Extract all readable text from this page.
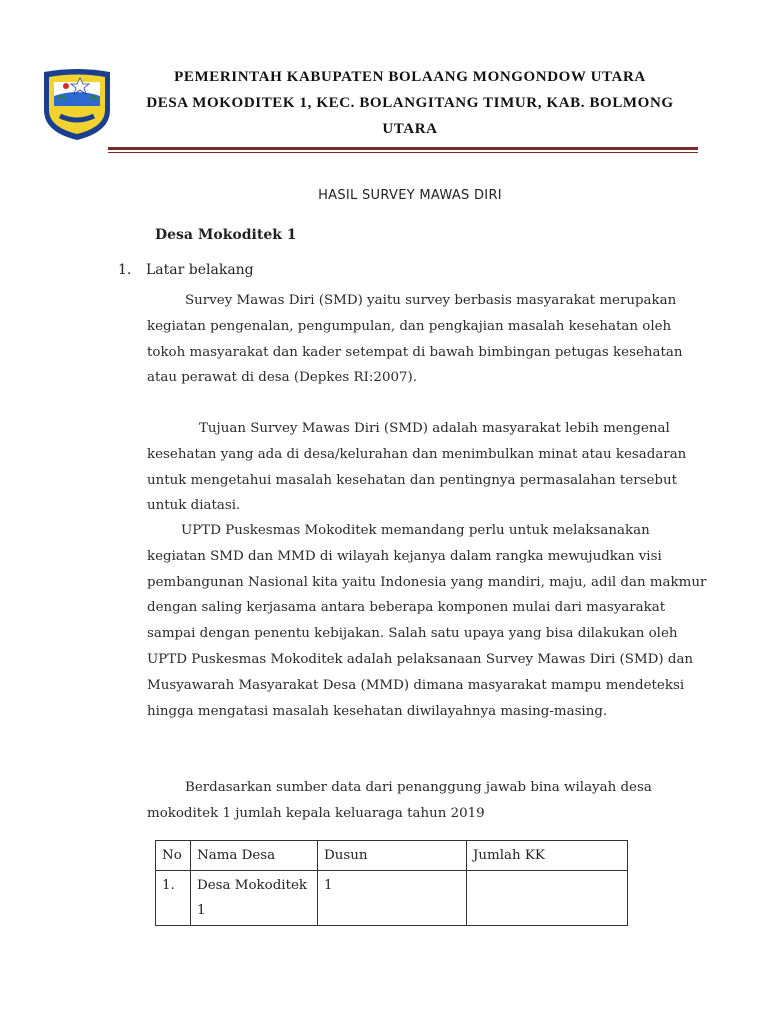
PEMERINTAH KABUPATEN BOLAANG MONGONDOW UTARA
DESA MOKODITEK 1, KEC. BOLANGITANG TIMUR, KAB. BOLMONG
UTARA
HASIL SURVEY MAWAS DIRI
Desa Mokoditek 1
1. Latar belakang

Survey Mawas Diri (SMD) yaitu survey berbasis masyarakat merupakan kegiatan pengenalan, pengumpulan, dan pengkajian masalah kesehatan oleh tokoh masyarakat dan kader setempat di bawah bimbingan petugas kesehatan atau perawat di desa (Depkes RI:2007).

Tujuan Survey Mawas Diri (SMD) adalah masyarakat lebih mengenal kesehatan yang ada di desa/kelurahan dan menimbulkan minat atau kesadaran untuk mengetahui masalah kesehatan dan pentingnya permasalahan tersebut untuk diatasi.

UPTD Puskesmas Mokoditek memandang perlu untuk melaksanakan kegiatan SMD dan MMD di wilayah kejanya dalam rangka mewujudkan visi pembangunan Nasional kita yaitu Indonesia yang mandiri, maju, adil dan makmur dengan saling kerjasama antara beberapa komponen mulai dari masyarakat sampai dengan penentu kebijakan. Salah satu upaya yang bisa dilakukan oleh UPTD Puskesmas Mokoditek adalah pelaksanaan Survey Mawas Diri (SMD) dan Musyawarah Masyarakat Desa (MMD) dimana masyarakat mampu mendeteksi hingga mengatasi masalah kesehatan diwilayahnya masing-masing.

Berdasarkan sumber data dari penanggung jawab bina wilayah desa mokoditek 1 jumlah kepala keluaraga tahun 2019

No	Nama Desa	Dusun	Jumlah KK
1.	Desa Mokoditek 1	1	
